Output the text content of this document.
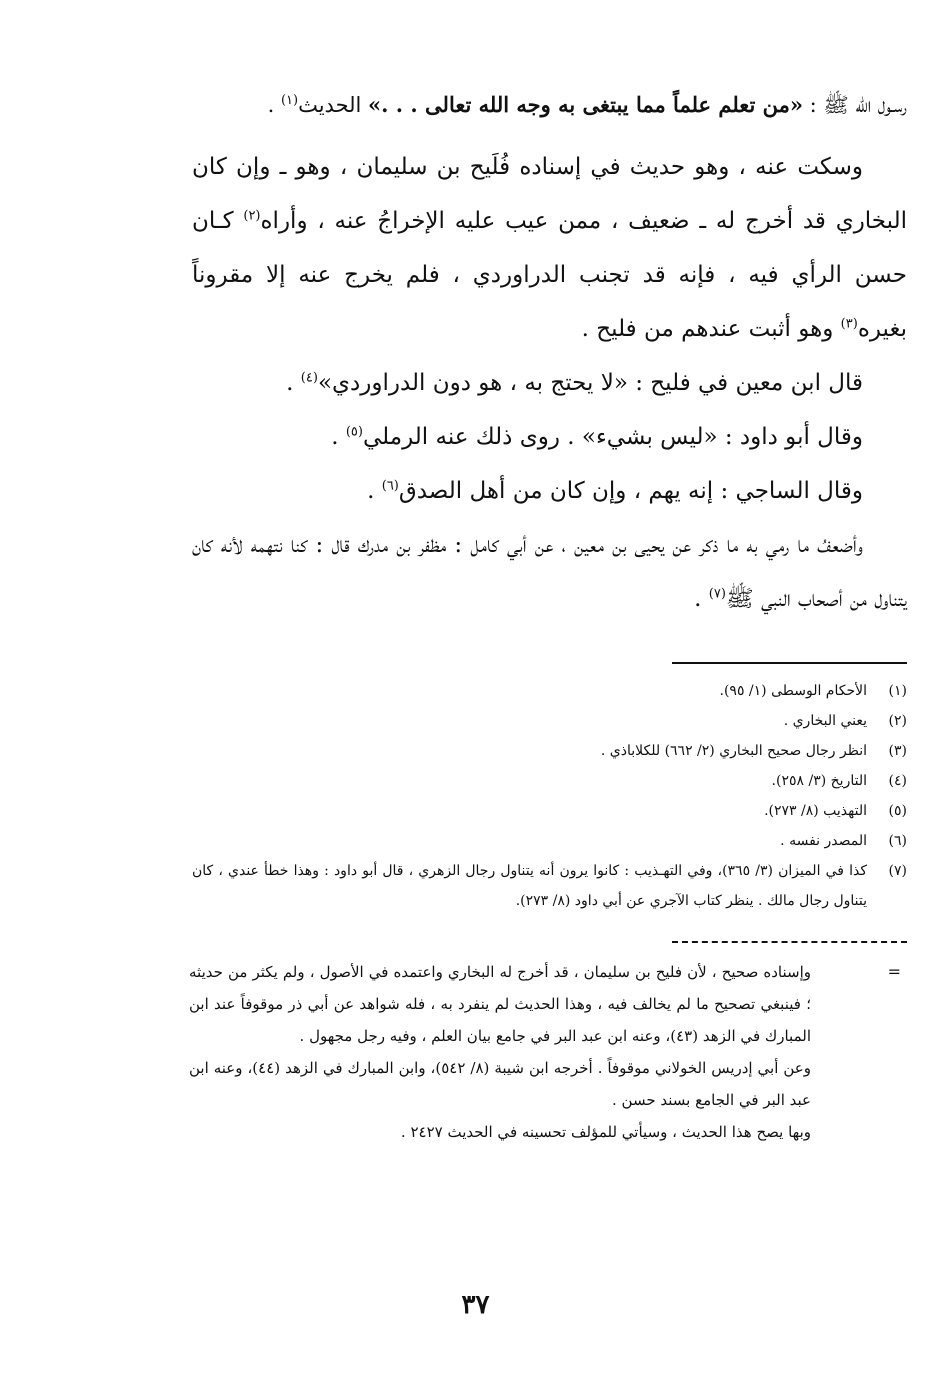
رسـول الله ﷺ : «من تعلم علماً مما يبتغى به وجه الله تعالى . . .» الحديث$^{(١)}$ .

وسكت عنه ، وهو حديث في إسناده فُلَيح بن سليمان ، وهو ـ وإن كان البخاري قد أخرج له ـ ضعيف ، ممن عيب عليه الإخراجُ عنه ، وأراه$^{(٢)}$ كـان حسن الرأي فيه ، فإنه قد تجنب الدراوردي ، فلم يخرج عنه إلا مقروناً بغيره$^{(٣)}$ وهو أثبت عندهم من فليح .

قال ابن معين في فليح : «لا يحتج به ، هو دون الدراوردي»$^{(٤)}$ .

وقال أبو داود : «ليس بشيء» . روى ذلك عنه الرملي$^{(٥)}$ .

وقال الساجي : إنه يهم ، وإن كان من أهل الصدق$^{(٦)}$ .

وأضعفُ ما رمي به ما ذكر عن يحيى بن معين ، عن أبي كامل : مظفر بن مدرك قال : كنا نتهمه لأنه كان يتناول من أصحاب النبي ﷺ$^{(٧)}$ .

(١)
الأحكام الوسطى (١/ ٩٥).
(٢)
يعني البخاري .
(٣)
انظر رجال صحيح البخاري (٢/ ٦٦٢) للكلاباذي .
(٤)
التاريخ (٣/ ٢٥٨).
(٥)
التهذيب (٨/ ٢٧٣).
(٦)
المصدر نفسه .
(٧)
كذا في الميزان (٣/ ٣٦٥)، وفي التهـذيب : كانوا يرون أنه يتناول رجال الزهري ، قال أبو داود : وهذا خطأ عندي ، كان يتناول رجال مالك . ينظر كتاب الآجري عن أبي داود (٨/ ٢٧٣).
=

وإسناده صحيح ، لأن فليح بن سليمان ، قد أخرج له البخاري واعتمده في الأصول ، ولم يكثر من حديثه ؛ فينبغي تصحيح ما لم يخالف فيه ، وهذا الحديث لم ينفرد به ، فله شواهد عن أبي ذر موقوفاً عند ابن المبارك في الزهد (٤٣)، وعنه ابن عبد البر في جامع بيان العلم ، وفيه رجل مجهول .

وعن أبي إدريس الخولاني موقوفاً . أخرجه ابن شيبة (٨/ ٥٤٢)، وابن المبارك في الزهد (٤٤)، وعنه ابن عبد البر في الجامع بسند حسن .

وبها يصح هذا الحديث ، وسيأتي للمؤلف تحسينه في الحديث ٢٤٢٧ .

٣٧
